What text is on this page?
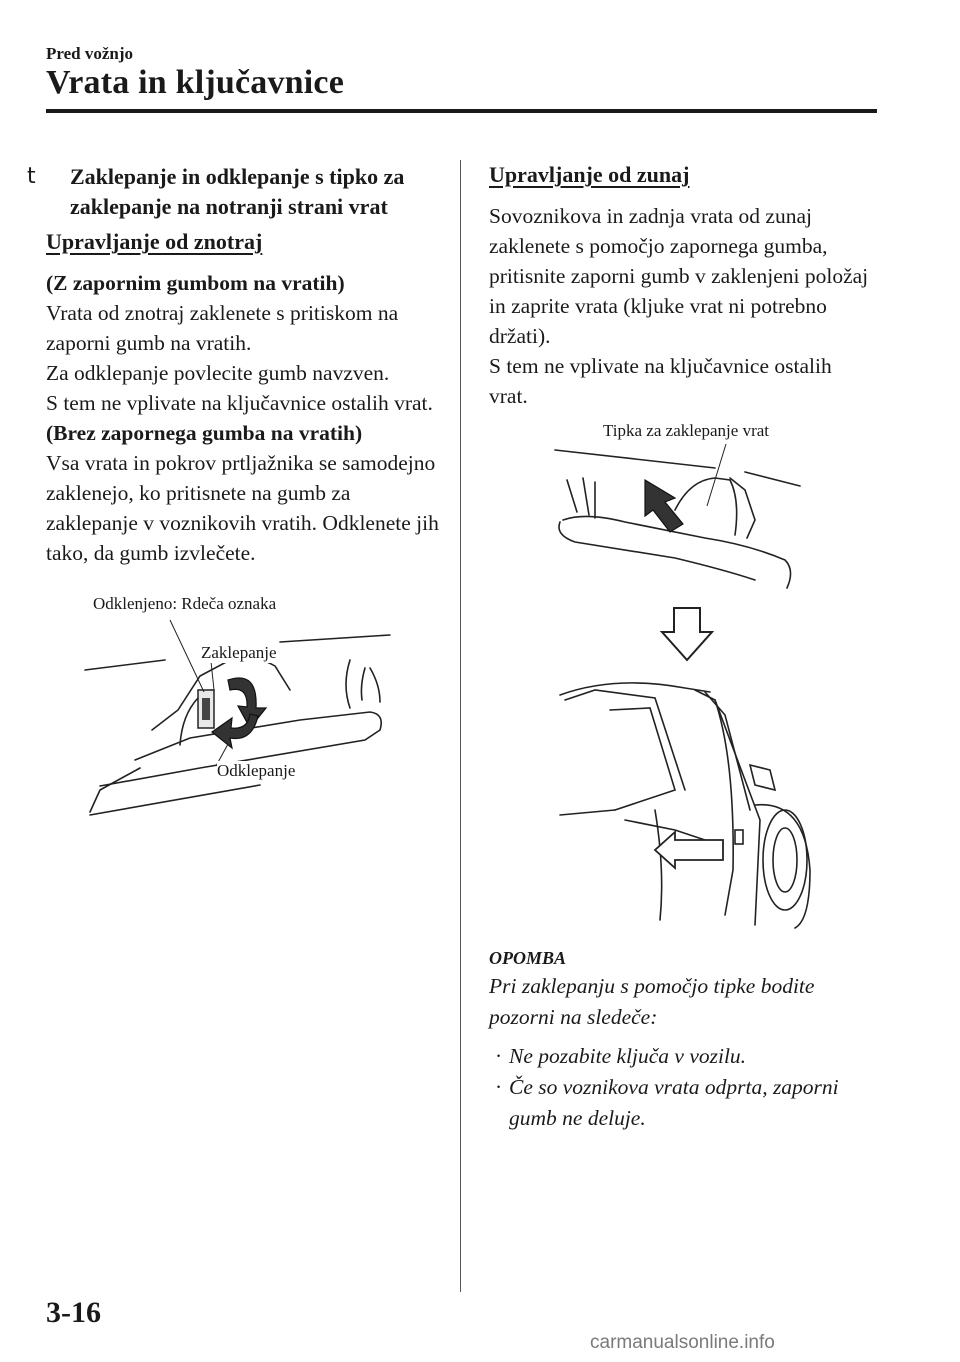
Pred vožnjo
Vrata in ključavnice
t Zaklepanje in odklepanje s tipko za zaklepanje na notranji strani vrat
Upravljanje od znotraj

(Z zapornim gumbom na vratih)

Vrata od znotraj zaklenete s pritiskom na zaporni gumb na vratih.
Za odklepanje povlecite gumb navzven.
S tem ne vplivate na ključavnice ostalih vrat.

(Brez zapornega gumba na vratih)

Vsa vrata in pokrov prtljažnika se samodejno zaklenejo, ko pritisnete na gumb za zaklepanje v voznikovih vratih. Odklenete jih tako, da gumb izvlečete.

Odklenjeno: Rdeča oznaka
Zaklepanje
Odklepanje
Upravljanje od zunaj
Sovoznikova in zadnja vrata od zunaj zaklenete s pomočjo zapornega gumba, pritisnite zaporni gumb v zaklenjeni položaj in zaprite vrata (kljuke vrat ni potrebno držati).
S tem ne vplivate na ključavnice ostalih vrat.
Tipka za zaklepanje vrat
OPOMBA
Pri zaklepanju s pomočjo tipke bodite pozorni na sledeče:
· Ne pozabite ključa v vozilu.
· Če so voznikova vrata odprta, zaporni gumb ne deluje.
3-16
carmanualsonline.info
